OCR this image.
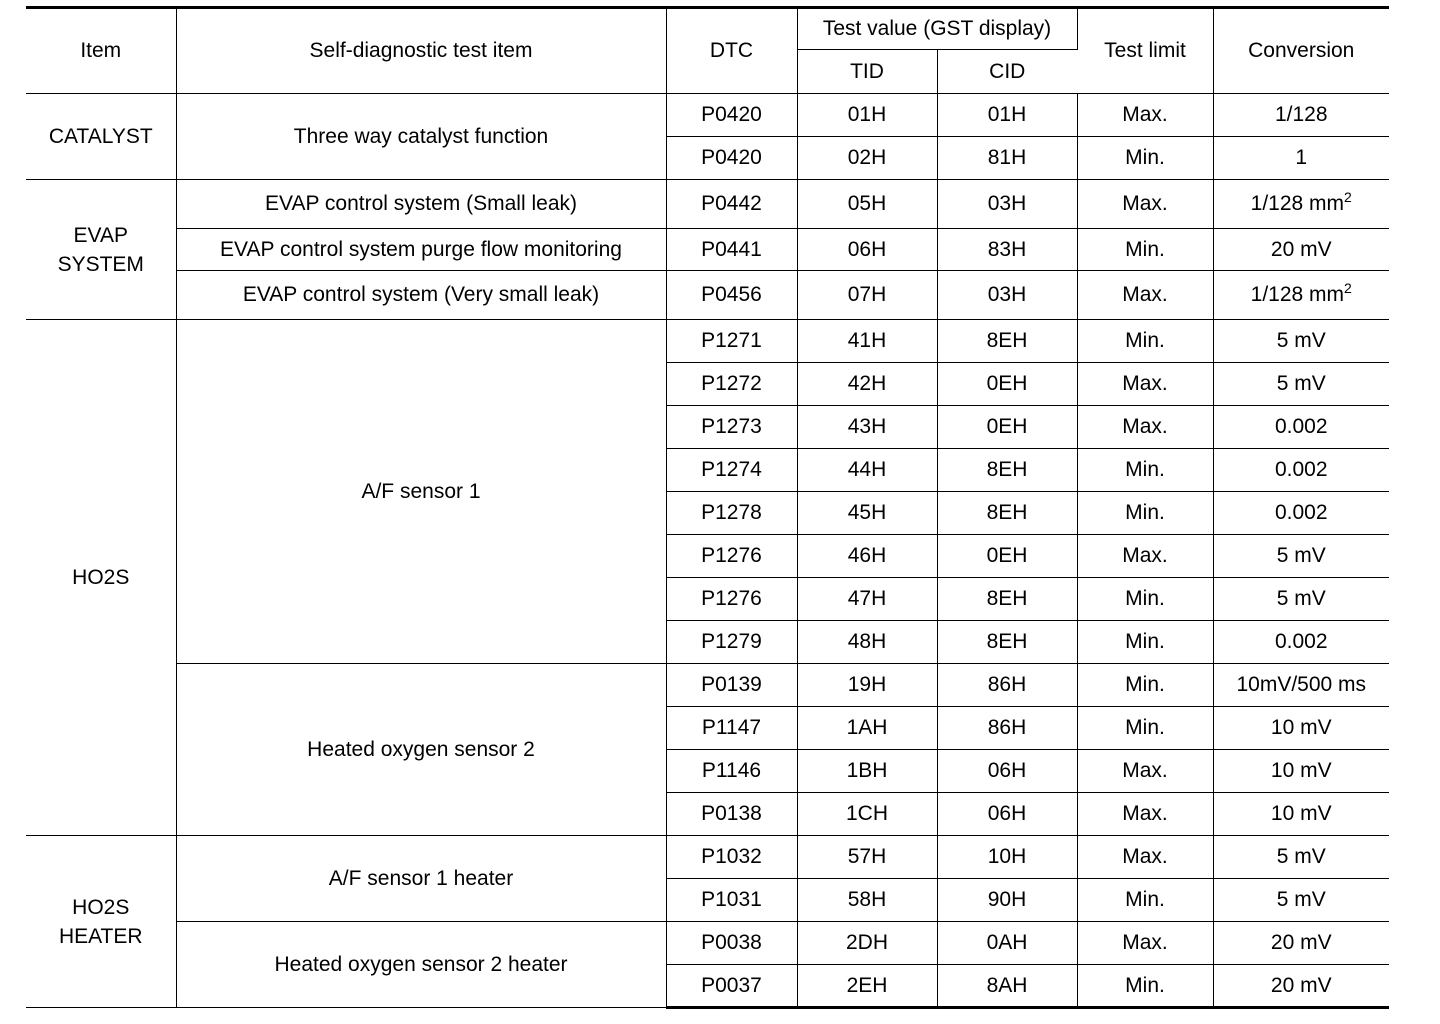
Item	Self-diagnostic test item	DTC	Test value (GST display)		Test limit	Conversion
			TID	CID		
CATALYST	Three way catalyst function	P0420	01H	01H	Max.	1/128
		P0420	02H	81H	Min.	1
EVAP
SYSTEM	EVAP control system (Small leak)	P0442	05H	03H	Max.	1/128 $mm^2$
	EVAP control system purge flow monitoring	P0441	06H	83H	Min.	20 mV
	EVAP control system (Very small leak)	P0456	07H	03H	Max.	1/128 $mm^2$
HO2S	A/F sensor 1	P1271	41H	8EH	Min.	5 mV
		P1272	42H	0EH	Max.	5 mV
		P1273	43H	0EH	Max.	0.002
		P1274	44H	8EH	Min.	0.002
		P1278	45H	8EH	Min.	0.002
		P1276	46H	0EH	Max.	5 mV
		P1276	47H	8EH	Min.	5 mV
		P1279	48H	8EH	Min.	0.002
	Heated oxygen sensor 2	P0139	19H	86H	Min.	10mV/500 ms
		P1147	1AH	86H	Min.	10 mV
		P1146	1BH	06H	Max.	10 mV
		P0138	1CH	06H	Max.	10 mV
HO2S
HEATER	A/F sensor 1 heater	P1032	57H	10H	Max.	5 mV
		P1031	58H	90H	Min.	5 mV
	Heated oxygen sensor 2 heater	P0038	2DH	0AH	Max.	20 mV
		P0037	2EH	8AH	Min.	20 mV
